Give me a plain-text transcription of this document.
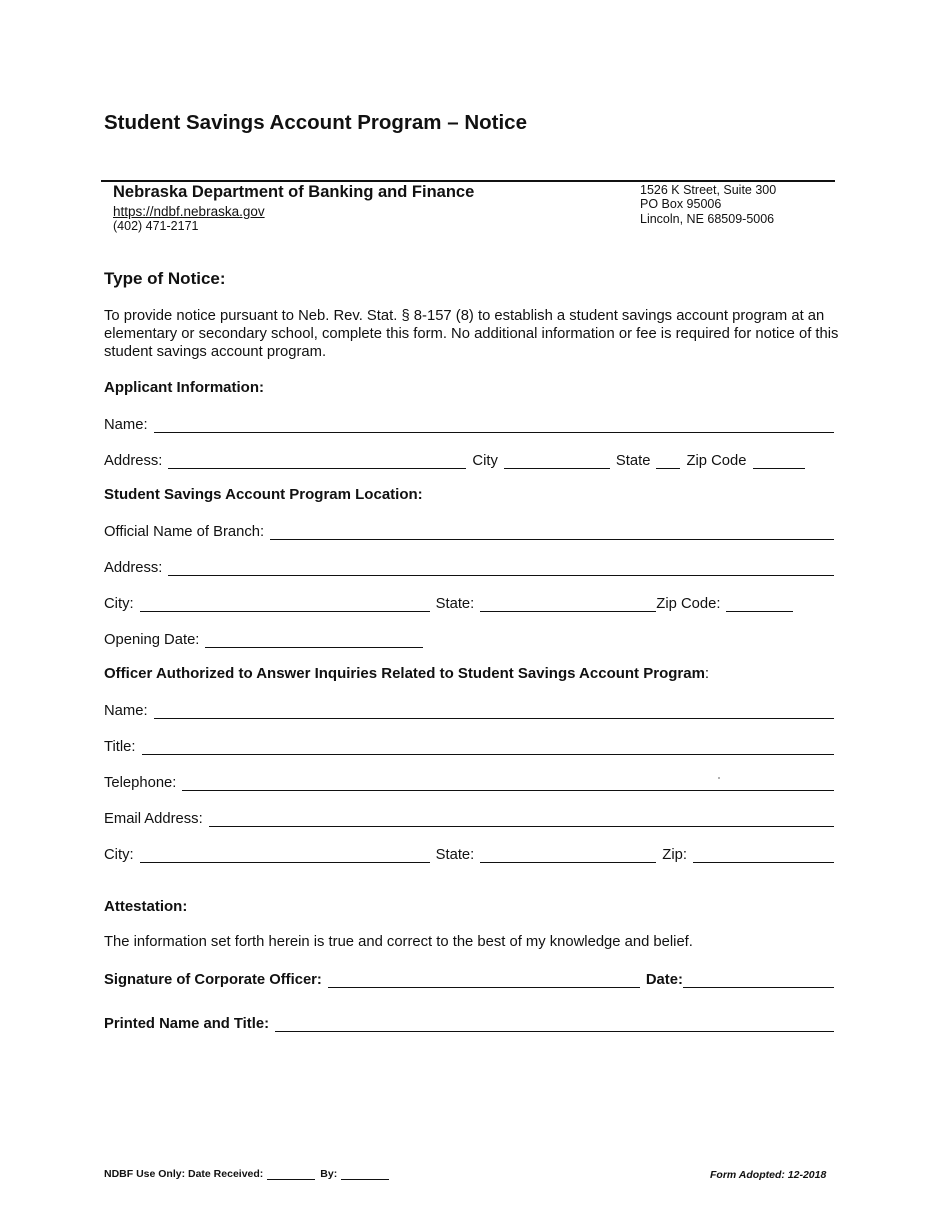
Student Savings Account Program – Notice
Nebraska Department of Banking and Finance
https://ndbf.nebraska.gov
(402) 471-2171
1526 K Street, Suite 300
PO Box 95006
Lincoln, NE 68509-5006
Type of Notice:
To provide notice pursuant to Neb. Rev. Stat. § 8-157 (8) to establish a student savings account program at an elementary or secondary school, complete this form. No additional information or fee is required for notice of this student savings account program.
Applicant Information:
Name:
Address:	City	State	Zip Code
Student Savings Account Program Location:
Official Name of Branch:
Address:
City:	State:	Zip Code:
Opening Date:
Officer Authorized to Answer Inquiries Related to Student Savings Account Program:
Name:
Title:
Telephone:
Email Address:
City:	State:	Zip:
Attestation:
The information set forth herein is true and correct to the best of my knowledge and belief.
Signature of Corporate Officer:	Date:
Printed Name and Title:
NDBF Use Only: Date Received:	By:	Form Adopted: 12-2018
